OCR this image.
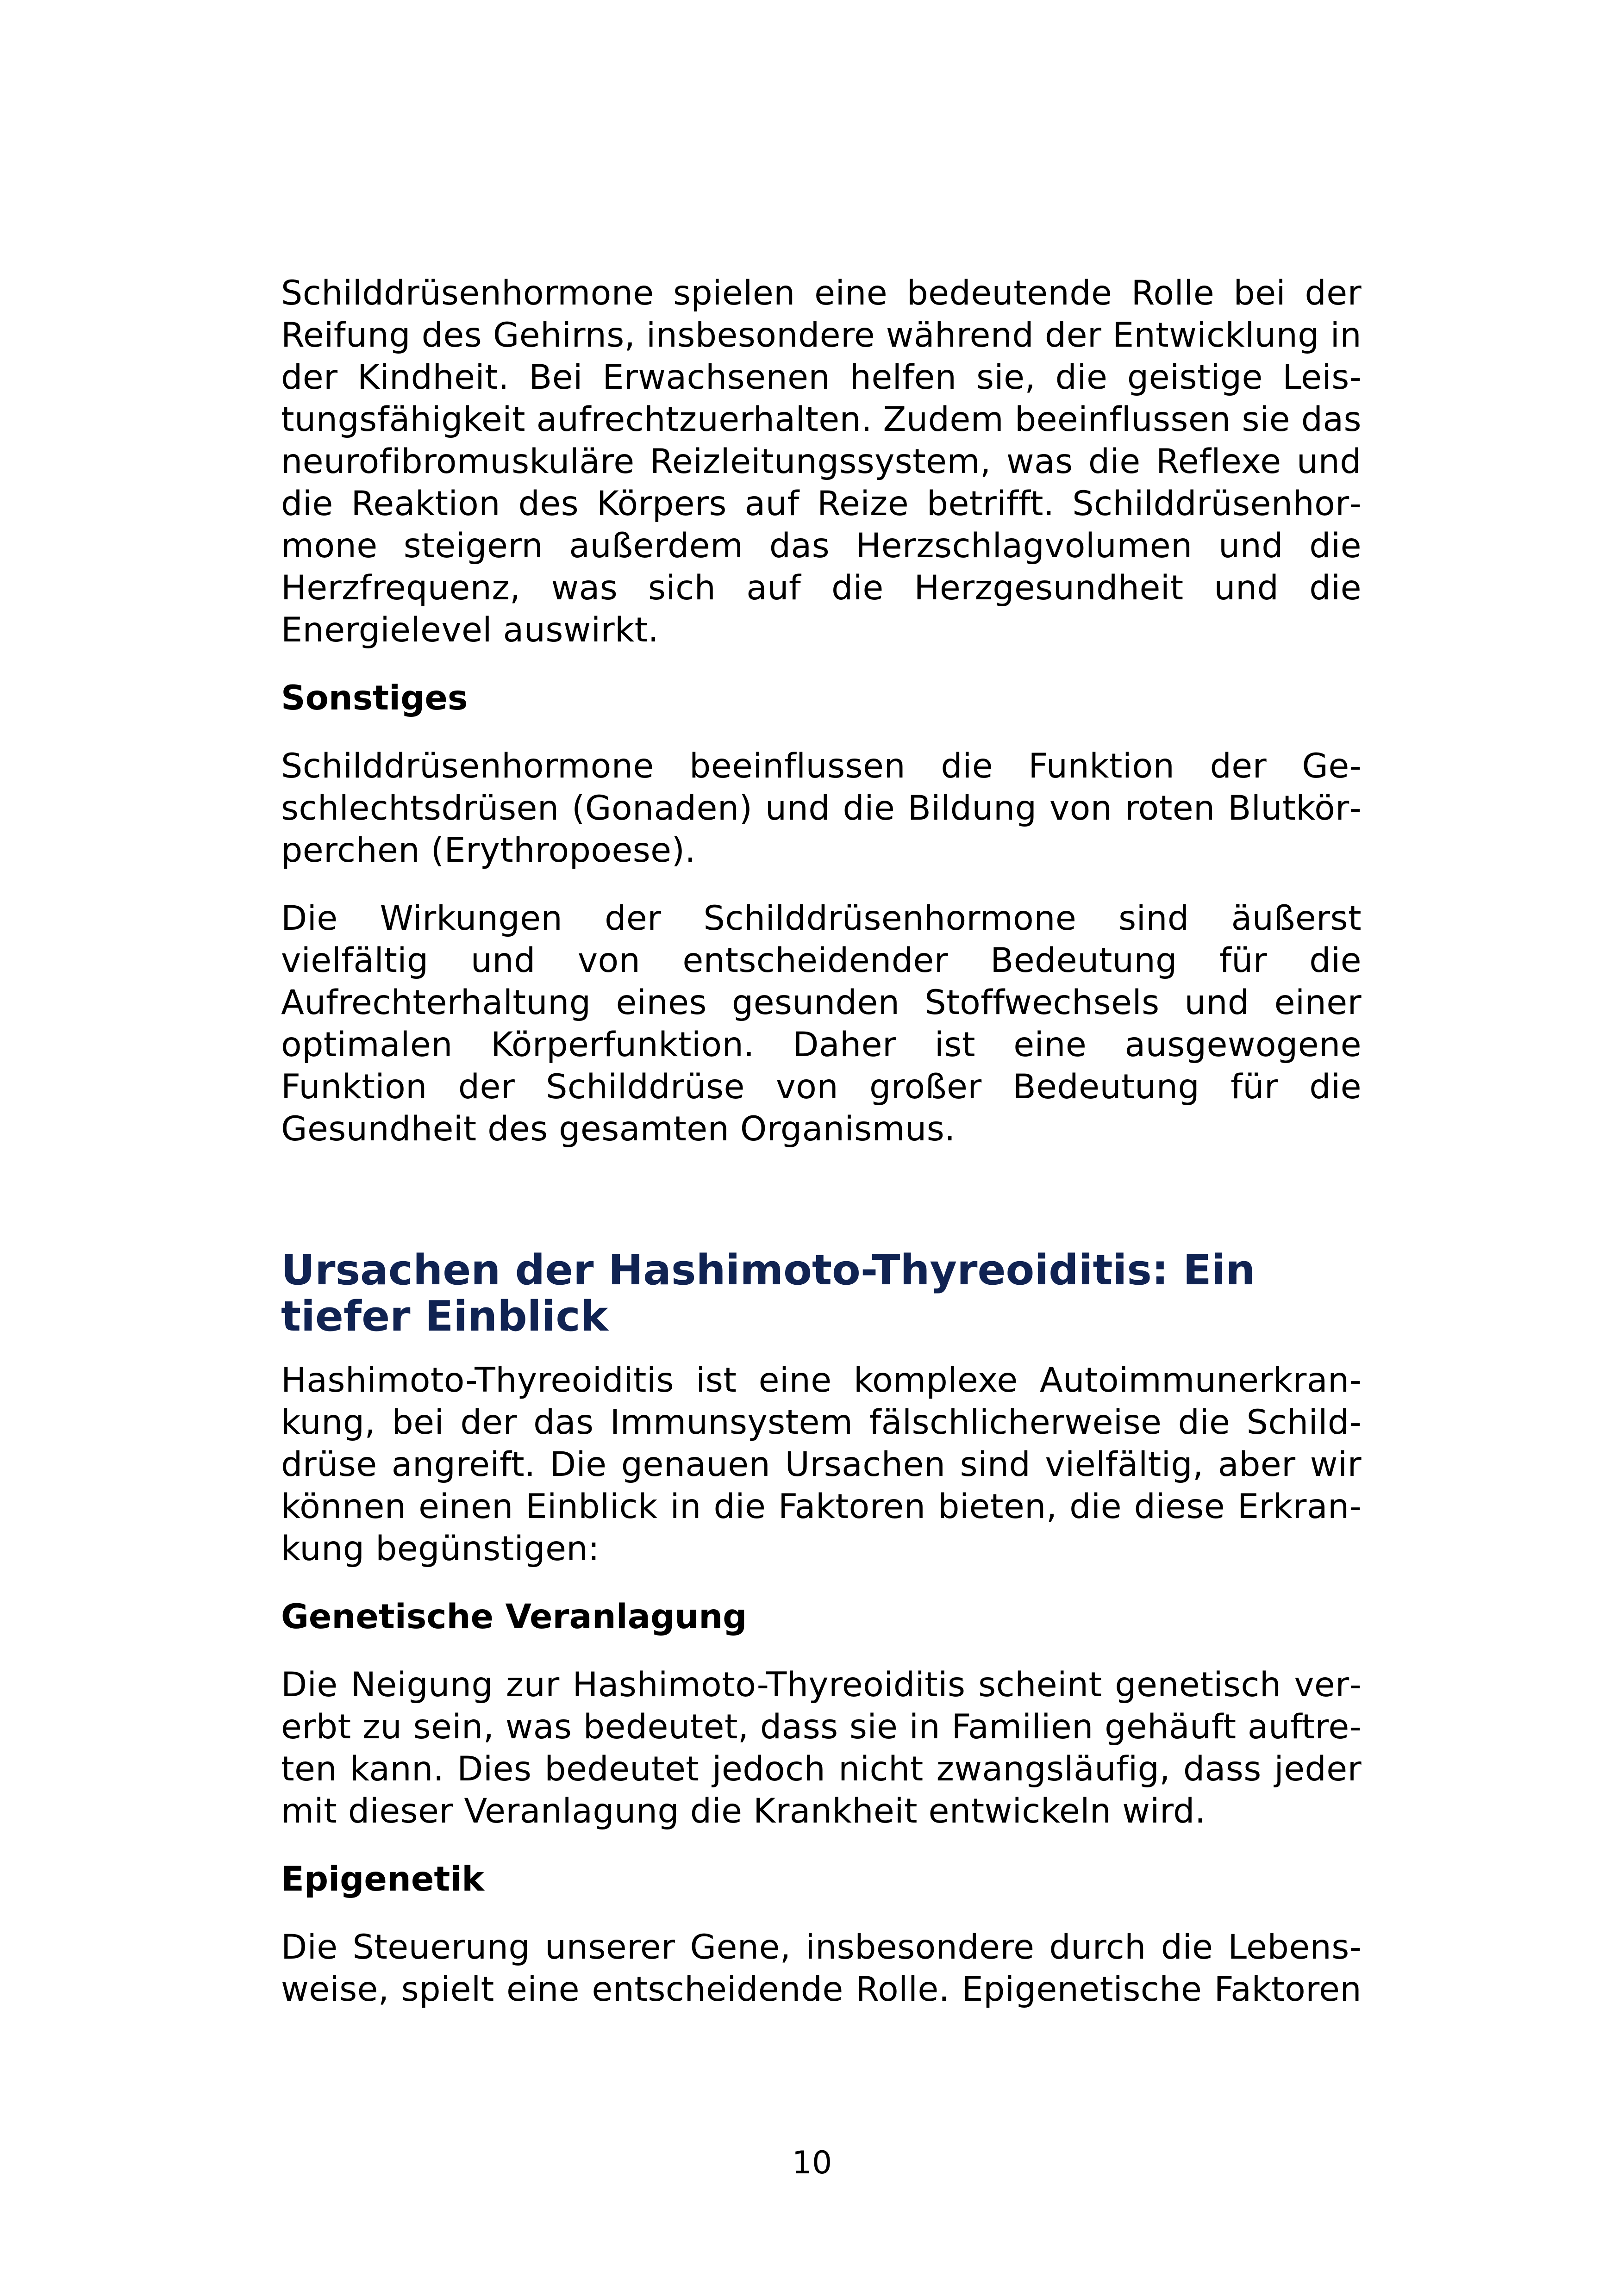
Schilddrüsenhormone spielen eine bedeutende Rolle bei der Reifung des Gehirns, insbesondere während der Entwicklung in der Kindheit. Bei Erwachsenen helfen sie, die geistige Leistungsfähigkeit aufrechtzuerhalten. Zudem beeinflussen sie das neurofibromuskuläre Reizleitungssystem, was die Reflexe und die Reaktion des Körpers auf Reize betrifft. Schilddrüsenhormone steigern außerdem das Herzschlagvolumen und die Herzfrequenz, was sich auf die Herzgesundheit und die Energielevel auswirkt.

Sonstiges

Schilddrüsenhormone beeinflussen die Funktion der Geschlechtsdrüsen (Gonaden) und die Bildung von roten Blutkörperchen (Erythropoese).

Die Wirkungen der Schilddrüsenhormone sind äußerst vielfältig und von entscheidender Bedeutung für die Aufrechterhaltung eines gesunden Stoffwechsels und einer optimalen Körperfunktion. Daher ist eine ausgewogene Funktion der Schilddrüse von großer Bedeutung für die Gesundheit des gesamten Organismus.

Ursachen der Hashimoto-Thyreoiditis: Ein tiefer Einblick

Hashimoto-Thyreoiditis ist eine komplexe Autoimmunerkrankung, bei der das Immunsystem fälschlicherweise die Schilddrüse angreift. Die genauen Ursachen sind vielfältig, aber wir können einen Einblick in die Faktoren bieten, die diese Erkrankung begünstigen:

Genetische Veranlagung

Die Neigung zur Hashimoto-Thyreoiditis scheint genetisch vererbt zu sein, was bedeutet, dass sie in Familien gehäuft auftreten kann. Dies bedeutet jedoch nicht zwangsläufig, dass jeder mit dieser Veranlagung die Krankheit entwickeln wird.

Epigenetik

Die Steuerung unserer Gene, insbesondere durch die Lebensweise, spielt eine entscheidende Rolle. Epigenetische Faktoren

10
